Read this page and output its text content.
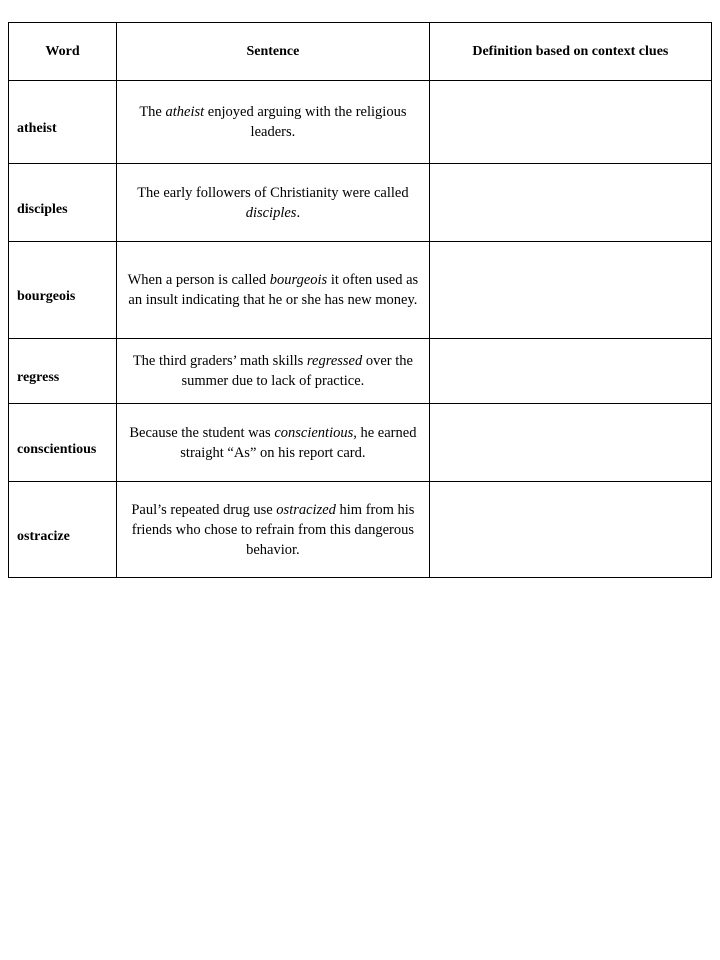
Word	Sentence	Definition based on context clues
atheist	The atheist enjoyed arguing with the religious leaders.	
disciples	The early followers of Christianity were called disciples.	
bourgeois	When a person is called bourgeois it often used as an insult indicating that he or she has new money.	
regress	The third graders’ math skills regressed over the summer due to lack of practice.	
conscientious	Because the student was conscientious, he earned straight “As” on his report card.	
ostracize	Paul’s repeated drug use ostracized him from his friends who chose to refrain from this dangerous behavior.	
